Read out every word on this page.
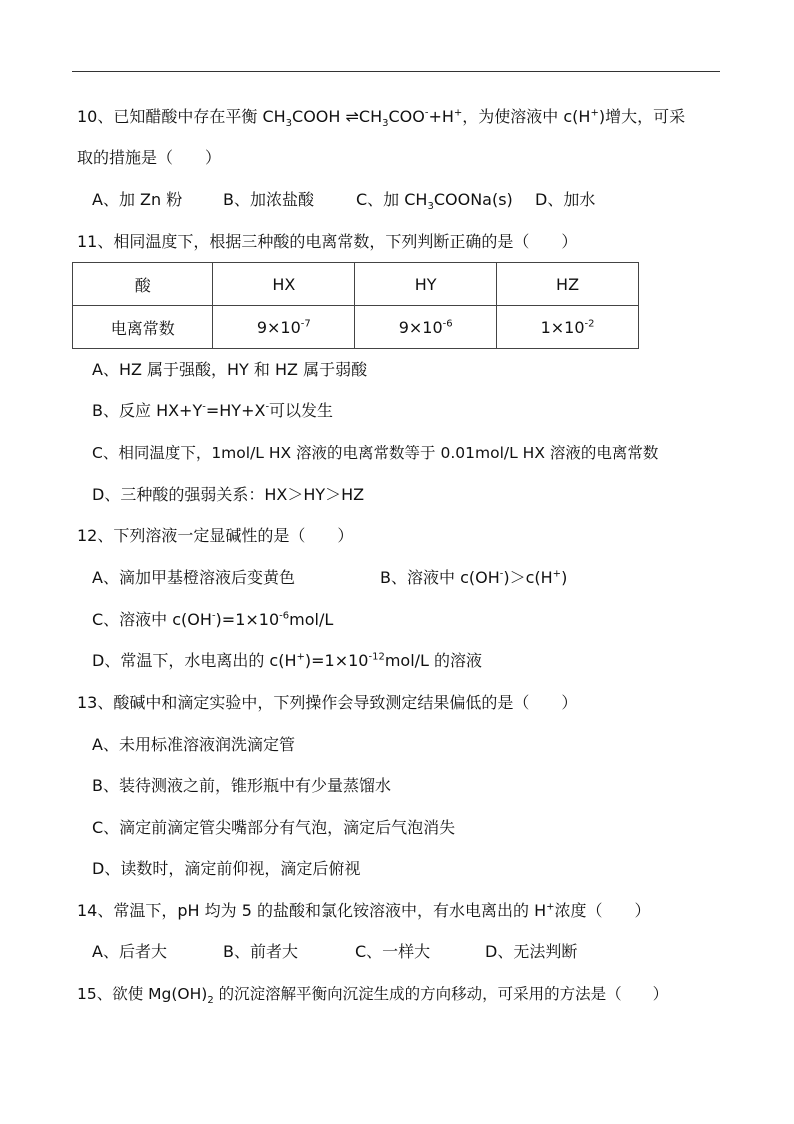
10、已知醋酸中存在平衡 $CH_3COOH$ $\rightleftharpoons CH_3COO^-+H^+$，为使溶液中 c(H+)增大，可采
取的措施是（　　）
A、加 Zn 粉	B、加浓盐酸	C、加 $CH_3COONa(s)$ D、加水
11、相同温度下，根据三种酸的电离常数，下列判断正确的是（　　）
酸	HX	HY	HZ
电离常数	$9\times 10^{-7}$	$9\times 10^{-6}$	$1\times 10^{-2}$
A、HZ 属于强酸，HY 和 HZ 属于弱酸
B、反应 HX+Y-=HY+X-可以发生
C、相同温度下，1mol/L HX 溶液的电离常数等于 0.01mol/L HX 溶液的电离常数
D、三种酸的强弱关系：HX＞HY＞HZ
12、下列溶液一定显碱性的是（　　）
A、滴加甲基橙溶液后变黄色	B、溶液中 c(OH-)＞c(H+)
C、溶液中 $c(OH^-)=1\times 10^{-6}mol/L$
D、常温下，水电离出的 $c(H^+)=1\times 10^{-12}mol/L$ 的溶液
13、酸碱中和滴定实验中，下列操作会导致测定结果偏低的是（　　）
A、未用标准溶液润洗滴定管
B、装待测液之前，锥形瓶中有少量蒸馏水
C、滴定前滴定管尖嘴部分有气泡，滴定后气泡消失
D、读数时，滴定前仰视，滴定后俯视
14、常温下，pH 均为 5 的盐酸和氯化铵溶液中，有水电离出的 H+浓度（　　）
A、后者大	B、前者大	C、一样大	D、无法判断
15、欲使 $Mg(OH)_2$ 的沉淀溶解平衡向沉淀生成的方向移动，可采用的方法是（　　）
